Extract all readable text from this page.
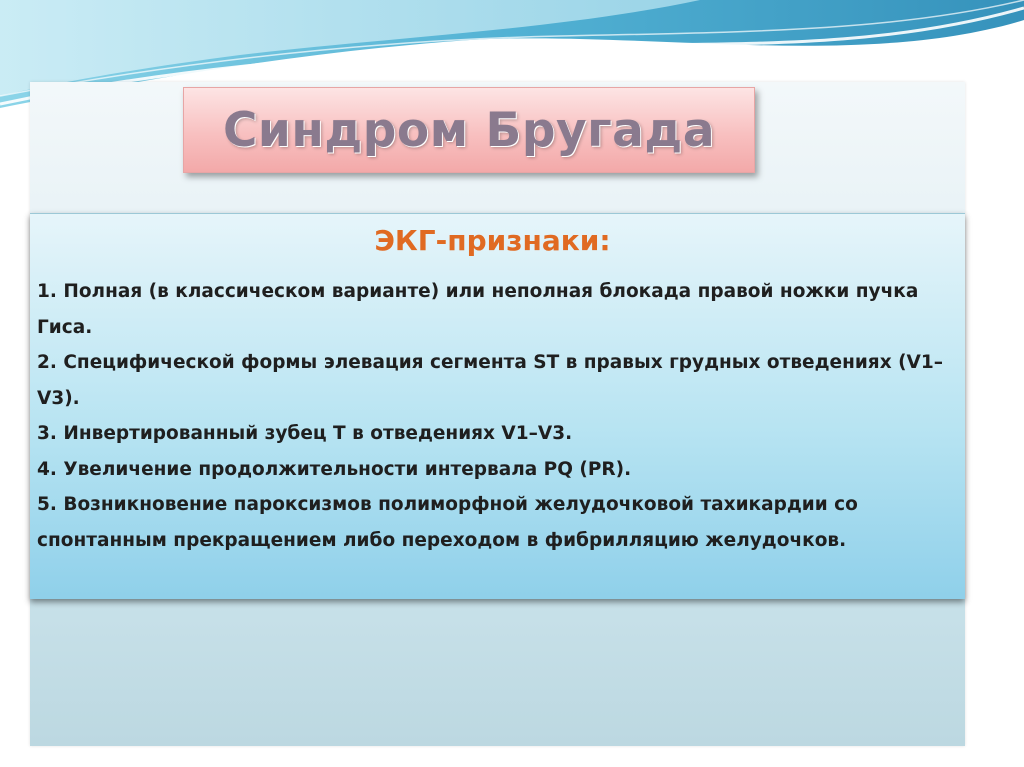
Синдром Бругада
ЭКГ-признаки:

1. Полная (в классическом варианте) или неполная блокада правой ножки пучка Гиса.

2. Специфической формы элевация сегмента ST в правых грудных отведениях (V1–V3).

3. Инвертированный зубец T в отведениях V1–V3.

4. Увеличение продолжительности интервала PQ (PR).

5. Возникновение пароксизмов полиморфной желудочковой тахикардии со спонтанным прекращением либо переходом в фибрилляцию желудочков.
